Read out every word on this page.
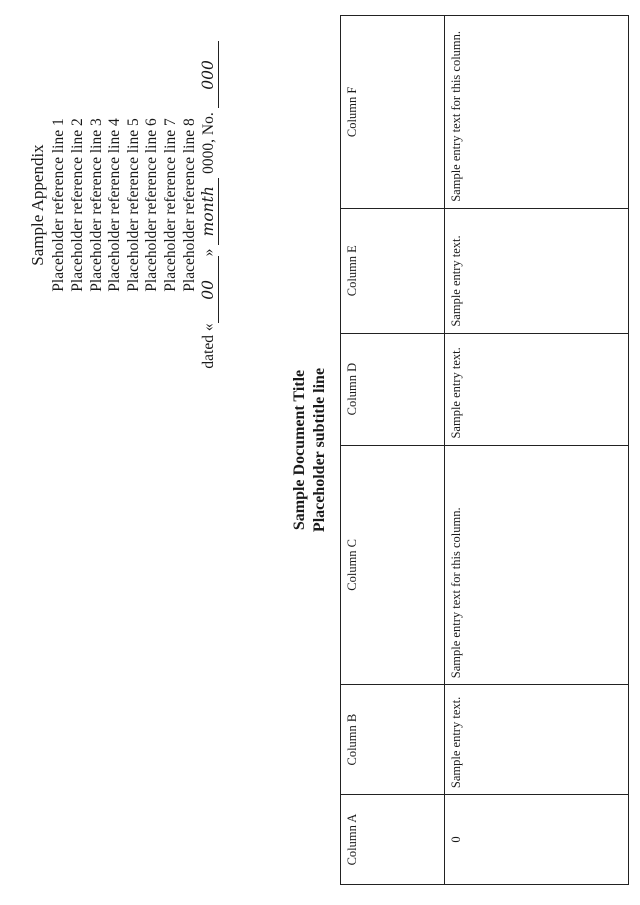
Sample Appendix Placeholder reference line 1 Placeholder reference line 2 Placeholder reference line 3 Placeholder reference line 4 Placeholder reference line 5 Placeholder reference line 6 Placeholder reference line 7 Placeholder reference line 8
dated «00» month 0000, No. 000
Sample Document Title Placeholder subtitle line
Column A	Column B	Column C	Column D	Column E	Column F
0	Sample entry text.	Sample entry text for this column.	Sample entry text.	Sample entry text.	Sample entry text for this column.
